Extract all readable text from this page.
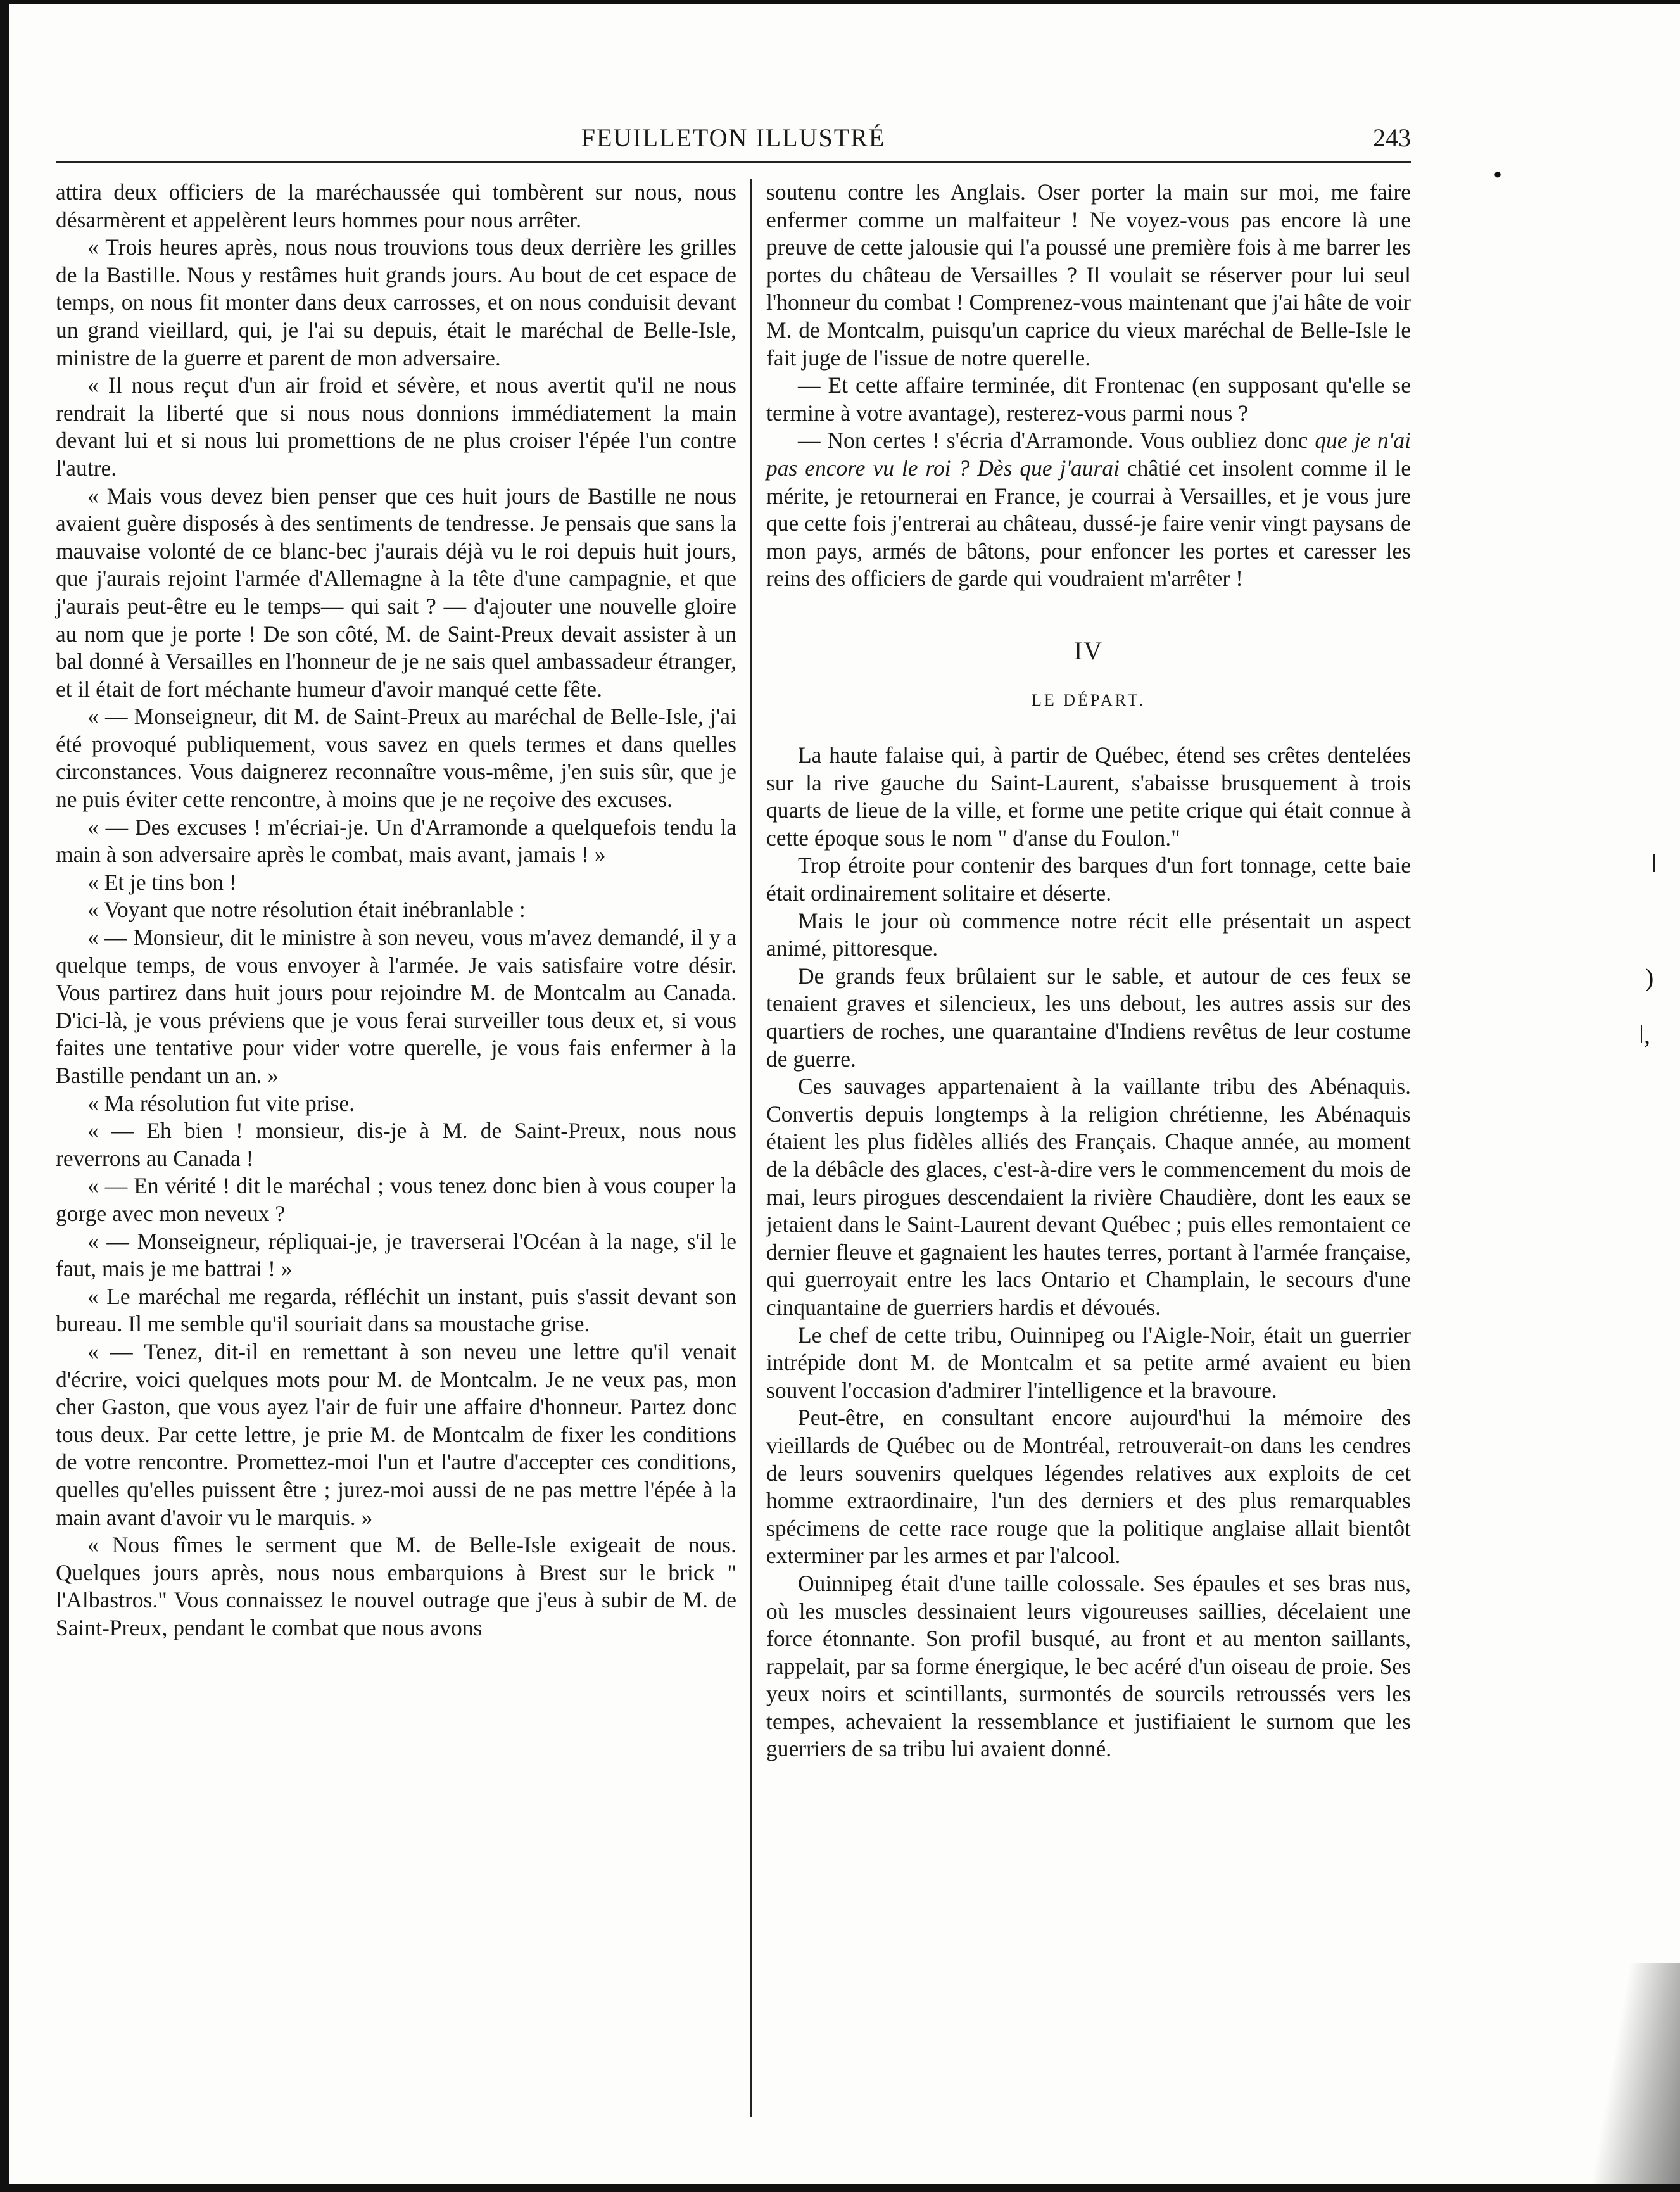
FEUILLETON ILLUSTRÉ	243

attira deux officiers de la maréchaussée qui tombèrent sur nous, nous désarmèrent et appelèrent leurs hommes pour nous arrêter.

« Trois heures après, nous nous trouvions tous deux derrière les grilles de la Bastille. Nous y restâmes huit grands jours. Au bout de cet espace de temps, on nous fit monter dans deux carrosses, et on nous conduisit devant un grand vieillard, qui, je l'ai su depuis, était le maréchal de Belle-Isle, ministre de la guerre et parent de mon adversaire.

« Il nous reçut d'un air froid et sévère, et nous avertit qu'il ne nous rendrait la liberté que si nous nous donnions immédiatement la main devant lui et si nous lui promettions de ne plus croiser l'épée l'un contre l'autre.

« Mais vous devez bien penser que ces huit jours de Bastille ne nous avaient guère disposés à des sentiments de tendresse. Je pensais que sans la mauvaise volonté de ce blanc-bec j'aurais déjà vu le roi depuis huit jours, que j'aurais rejoint l'armée d'Allemagne à la tête d'une campagnie, et que j'aurais peut-être eu le temps— qui sait ? — d'ajouter une nouvelle gloire au nom que je porte ! De son côté, M. de Saint-Preux devait assister à un bal donné à Versailles en l'honneur de je ne sais quel ambassadeur étranger, et il était de fort méchante humeur d'avoir manqué cette fête.

« — Monseigneur, dit M. de Saint-Preux au maréchal de Belle-Isle, j'ai été provoqué publiquement, vous savez en quels termes et dans quelles circonstances. Vous daignerez reconnaître vous-même, j'en suis sûr, que je ne puis éviter cette rencontre, à moins que je ne reçoive des excuses.

« — Des excuses ! m'écriai-je. Un d'Arramonde a quelquefois tendu la main à son adversaire après le combat, mais avant, jamais ! »

« Et je tins bon !

« Voyant que notre résolution était inébranlable :

« — Monsieur, dit le ministre à son neveu, vous m'avez demandé, il y a quelque temps, de vous envoyer à l'armée. Je vais satisfaire votre désir. Vous partirez dans huit jours pour rejoindre M. de Montcalm au Canada. D'ici-là, je vous préviens que je vous ferai surveiller tous deux et, si vous faites une tentative pour vider votre querelle, je vous fais enfermer à la Bastille pendant un an. »

« Ma résolution fut vite prise.

« — Eh bien ! monsieur, dis-je à M. de Saint-Preux, nous nous reverrons au Canada !

« — En vérité ! dit le maréchal ; vous tenez donc bien à vous couper la gorge avec mon neveux ?

« — Monseigneur, répliquai-je, je traverserai l'Océan à la nage, s'il le faut, mais je me battrai ! »

« Le maréchal me regarda, réfléchit un instant, puis s'assit devant son bureau. Il me semble qu'il souriait dans sa moustache grise.

« — Tenez, dit-il en remettant à son neveu une lettre qu'il venait d'écrire, voici quelques mots pour M. de Montcalm. Je ne veux pas, mon cher Gaston, que vous ayez l'air de fuir une affaire d'honneur. Partez donc tous deux. Par cette lettre, je prie M. de Montcalm de fixer les conditions de votre rencontre. Promettez-moi l'un et l'autre d'accepter ces conditions, quelles qu'elles puissent être ; jurez-moi aussi de ne pas mettre l'épée à la main avant d'avoir vu le marquis. »

« Nous fîmes le serment que M. de Belle-Isle exigeait de nous. Quelques jours après, nous nous embarquions à Brest sur le brick " l'Albastros." Vous connaissez le nouvel outrage que j'eus à subir de M. de Saint-Preux, pendant le combat que nous avons

soutenu contre les Anglais. Oser porter la main sur moi, me faire enfermer comme un malfaiteur ! Ne voyez-vous pas encore là une preuve de cette jalousie qui l'a poussé une première fois à me barrer les portes du château de Versailles ? Il voulait se réserver pour lui seul l'honneur du combat ! Comprenez-vous maintenant que j'ai hâte de voir M. de Montcalm, puisqu'un caprice du vieux maréchal de Belle-Isle le fait juge de l'issue de notre querelle.

— Et cette affaire terminée, dit Frontenac (en supposant qu'elle se termine à votre avantage), resterez-vous parmi nous ?

— Non certes ! s'écria d'Arramonde. Vous oubliez donc que je n'ai pas encore vu le roi ? Dès que j'aurai châtié cet insolent comme il le mérite, je retournerai en France, je courrai à Versailles, et je vous jure que cette fois j'entrerai au château, dussé-je faire venir vingt paysans de mon pays, armés de bâtons, pour enfoncer les portes et caresser les reins des officiers de garde qui voudraient m'arrêter !

IV
LE DÉPART.

La haute falaise qui, à partir de Québec, étend ses crêtes dentelées sur la rive gauche du Saint-Laurent, s'abaisse brusquement à trois quarts de lieue de la ville, et forme une petite crique qui était connue à cette époque sous le nom " d'anse du Foulon."

Trop étroite pour contenir des barques d'un fort tonnage, cette baie était ordinairement solitaire et déserte.

Mais le jour où commence notre récit elle présentait un aspect animé, pittoresque.

De grands feux brûlaient sur le sable, et autour de ces feux se tenaient graves et silencieux, les uns debout, les autres assis sur des quartiers de roches, une quarantaine d'Indiens revêtus de leur costume de guerre.

Ces sauvages appartenaient à la vaillante tribu des Abénaquis. Convertis depuis longtemps à la religion chrétienne, les Abénaquis étaient les plus fidèles alliés des Français. Chaque année, au moment de la débâcle des glaces, c'est-à-dire vers le commencement du mois de mai, leurs pirogues descendaient la rivière Chaudière, dont les eaux se jetaient dans le Saint-Laurent devant Québec ; puis elles remontaient ce dernier fleuve et gagnaient les hautes terres, portant à l'armée française, qui guerroyait entre les lacs Ontario et Champlain, le secours d'une cinquantaine de guerriers hardis et dévoués.

Le chef de cette tribu, Ouinnipeg ou l'Aigle-Noir, était un guerrier intrépide dont M. de Montcalm et sa petite armé avaient eu bien souvent l'occasion d'admirer l'intelligence et la bravoure.

Peut-être, en consultant encore aujourd'hui la mémoire des vieillards de Québec ou de Montréal, retrouverait-on dans les cendres de leurs souvenirs quelques légendes relatives aux exploits de cet homme extraordinaire, l'un des derniers et des plus remarquables spécimens de cette race rouge que la politique anglaise allait bientôt exterminer par les armes et par l'alcool.

Ouinnipeg était d'une taille colossale. Ses épaules et ses bras nus, où les muscles dessinaient leurs vigoureuses saillies, décelaient une force étonnante. Son profil busqué, au front et au menton saillants, rappelait, par sa forme énergique, le bec acéré d'un oiseau de proie. Ses yeux noirs et scintillants, surmontés de sourcils retroussés vers les tempes, achevaient la ressemblance et justifiaient le surnom que les guerriers de sa tribu lui avaient donné.

•
ǀ
)
ǀ,
